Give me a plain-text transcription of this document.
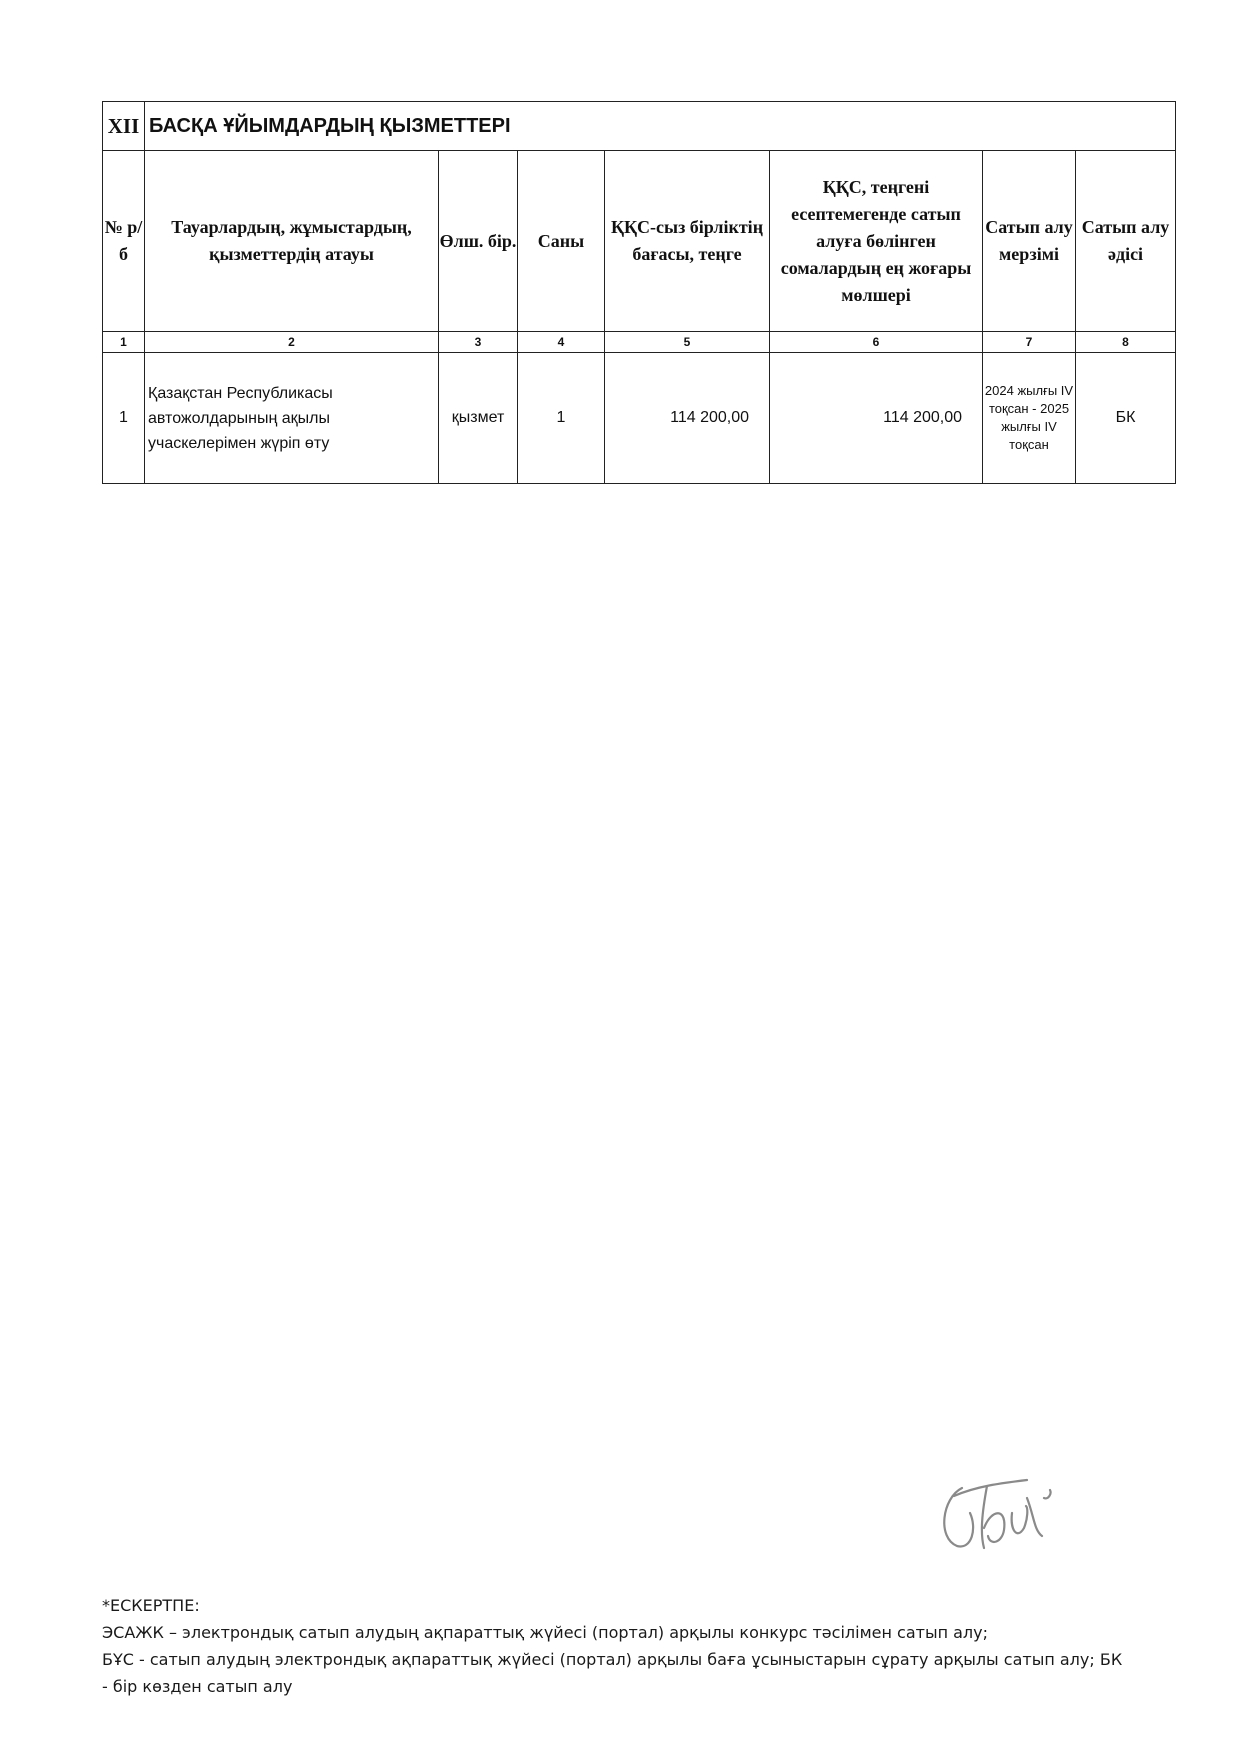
XII	БАСҚА ҰЙЫМДАРДЫҢ ҚЫЗМЕТТЕРІ						
№ р/б	Тауарлардың, жұмыстардың, қызметтердің атауы	Өлш. бір.	Саны	ҚҚС-сыз бірліктің бағасы, теңге	ҚҚС, теңгені есептемегенде сатып алуға бөлінген сомалардың ең жоғары мөлшері	Сатып алу мерзімі	Сатып алу әдісі
1	2	3	4	5	6	7	8
1	Қазақстан Республикасы автожолдарының ақылы учаскелерімен жүріп өту	қызмет	1	114 200,00	114 200,00	2024 жылғы IV тоқсан - 2025 жылғы IV тоқсан	БК
*ЕСКЕРТПЕ:
ЭСАЖК – электрондық сатып алудың ақпараттық жүйесі (портал) арқылы конкурс тәсілімен сатып алу;
БҰС - сатып алудың электрондық ақпараттық жүйесі (портал) арқылы баға ұсыныстарын сұрату арқылы сатып алу; БК - бір көзден сатып алу
